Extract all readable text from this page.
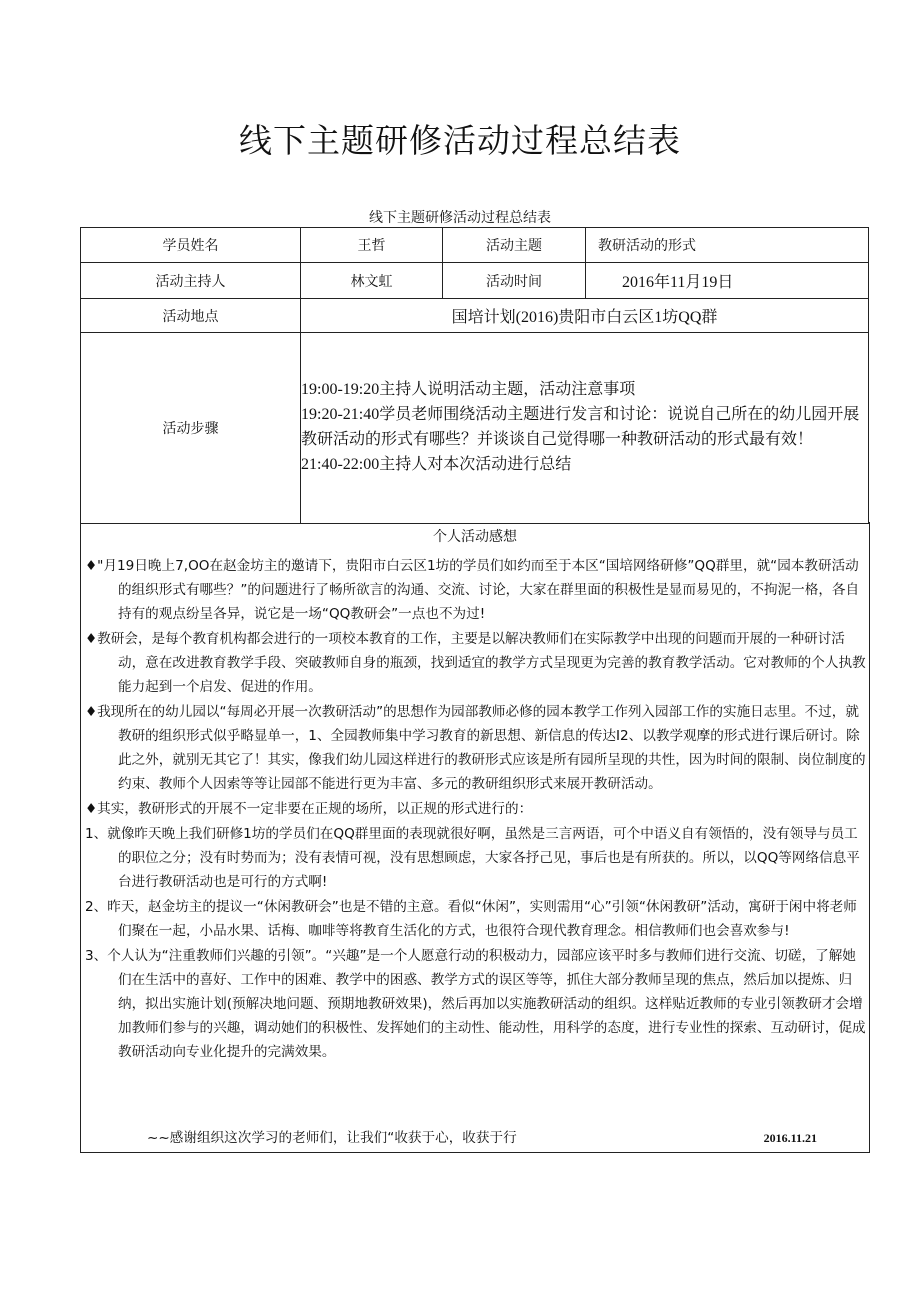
线下主题研修活动过程总结表
线下主题研修活动过程总结表
学员姓名	王哲	活动主题	教研活动的形式
活动主持人	林文虹	活动时间	2016年11月19日
活动地点	国培计划(2016)贵阳市白云区1坊QQ群		
活动步骤	19:00-19:20主持人说明活动主题，活动注意事项
19:20-21:40学员老师围绕活动主题进行发言和讨论：说说自己所在的幼儿园开展
教研活动的形式有哪些？并谈谈自己觉得哪一种教研活动的形式最有效！
21:40-22:00主持人对本次活动进行总结		
个人活动感想
♦"月19日晚上7,OO在赵金坊主的邀请下，贵阳市白云区1坊的学员们如约而至于本区“国培网络研修”QQ群里，就“园本教研活动的组织形式有哪些？”的问题进行了畅所欲言的沟通、交流、讨论，大家在群里面的积极性是显而易见的，不拘泥一格，各自持有的观点纷呈各异，说它是一场“QQ教研会”一点也不为过!
♦教研会，是每个教育机构都会进行的一项校本教育的工作，主要是以解决教师们在实际教学中出现的问题而开展的一种研讨活动，意在改进教育教学手段、突破教师自身的瓶颈，找到适宜的教学方式呈现更为完善的教育教学活动。它对教师的个人执教能力起到一个启发、促进的作用。
♦我现所在的幼儿园以“每周必开展一次教研活动”的思想作为园部教师必修的园本教学工作列入园部工作的实施日志里。不过，就教研的组织形式似乎略显单一，1、全园教师集中学习教育的新思想、新信息的传达I2、以教学观摩的形式进行课后研讨。除此之外，就别无其它了！其实，像我们幼儿园这样进行的教研形式应该是所有园所呈现的共性，因为时间的限制、岗位制度的约束、教师个人因索等等让园部不能进行更为丰富、多元的教研组织形式来展开教研活动。
♦其实，教研形式的开展不一定非要在正规的场所，以正规的形式进行的：
1、就像昨天晚上我们研修1坊的学员们在QQ群里面的表现就很好啊，虽然是三言两语，可个中语义自有领悟的，没有领导与员工的职位之分；没有时势而为；没有表情可视，没有思想顾虑，大家各抒己见，事后也是有所获的。所以，以QQ等网络信息平台进行教研活动也是可行的方式啊!
2、昨天，赵金坊主的提议一“休闲教研会”也是不错的主意。看似“休闲”，实则需用“心”引领“休闲教研”活动，寓研于闲中将老师们聚在一起，小品水果、话梅、咖啡等将教育生活化的方式，也很符合现代教育理念。相信教师们也会喜欢参与!
3、个人认为“注重教师们兴趣的引领”。“兴趣”是一个人愿意行动的积极动力，园部应该平时多与教师们进行交流、切磋，了解她们在生活中的喜好、工作中的困难、教学中的困惑、教学方式的误区等等，抓住大部分教师呈现的焦点，然后加以提炼、归纳，拟出实施计划(预解决地问题、预期地教研效果)，然后再加以实施教研活动的组织。这样贴近教师的专业引领教研才会增加教师们参与的兴趣，调动她们的积极性、发挥她们的主动性、能动性，用科学的态度，进行专业性的探索、互动研讨，促成教研活动向专业化提升的完满效果。
~~感谢组织这次学习的老师们，让我们“收获于心，收获于行	2016.11.21
